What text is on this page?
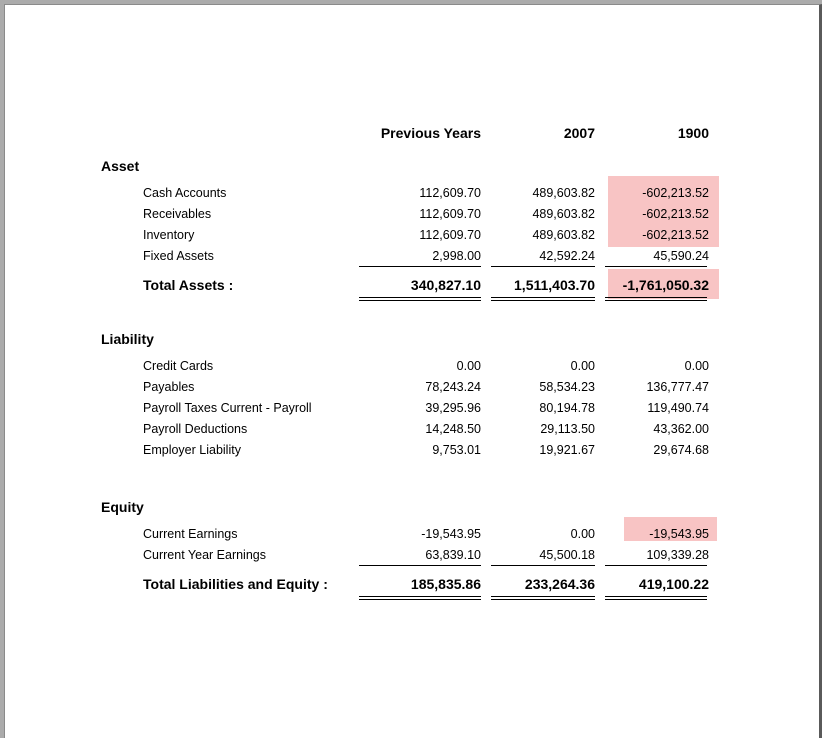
Previous Years	2007	1900
Asset
Cash Accounts	112,609.70	489,603.82	-602,213.52
Receivables	112,609.70	489,603.82	-602,213.52
Inventory	112,609.70	489,603.82	-602,213.52
Fixed Assets	2,998.00	42,592.24	45,590.24
Total Assets :	340,827.10	1,511,403.70	-1,761,050.32
Liability
Credit Cards	0.00	0.00	0.00
Payables	78,243.24	58,534.23	136,777.47
Payroll Taxes Current - Payroll	39,295.96	80,194.78	119,490.74
Payroll Deductions	14,248.50	29,113.50	43,362.00
Employer Liability	9,753.01	19,921.67	29,674.68
Equity
Current Earnings	-19,543.95	0.00	-19,543.95
Current Year Earnings	63,839.10	45,500.18	109,339.28
Total Liabilities and Equity :	185,835.86	233,264.36	419,100.22
